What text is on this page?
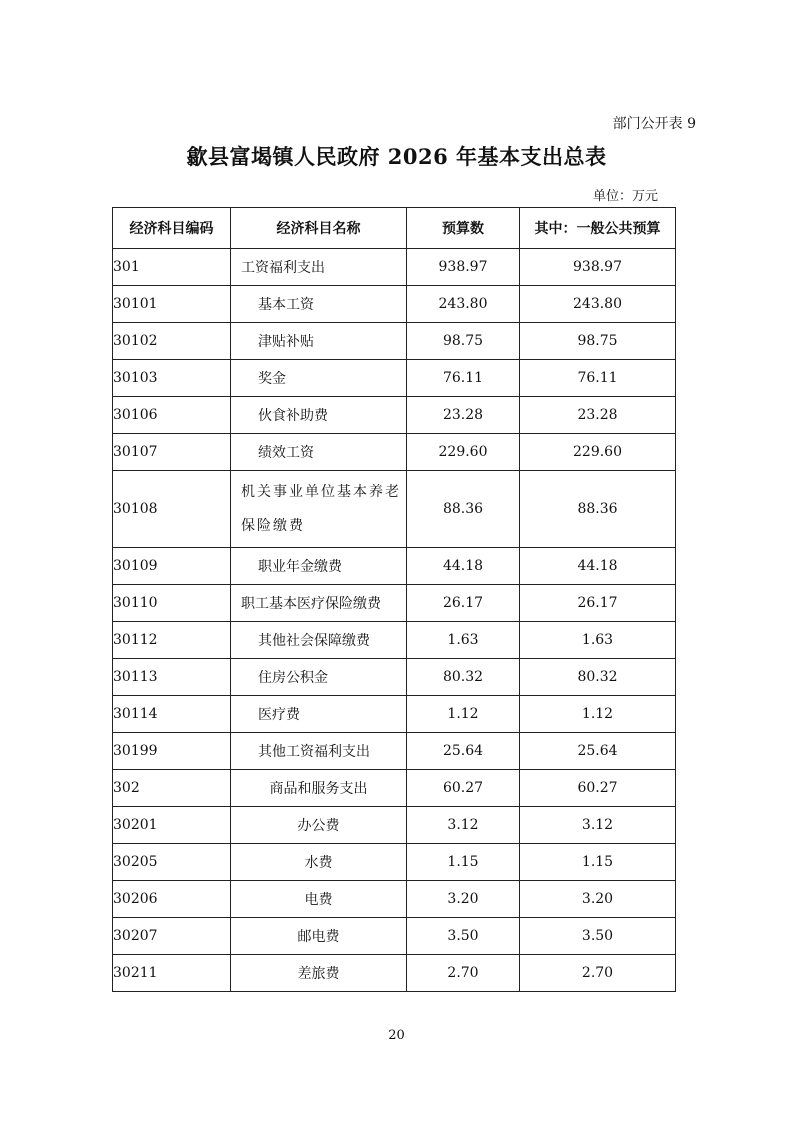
部门公开表 9
歙县富堨镇人民政府 2026 年基本支出总表
单位：万元
经济科目编码	经济科目名称	预算数	其中：一般公共预算
301	工资福利支出	938.97	938.97
30101	基本工资	243.80	243.80
30102	津贴补贴	98.75	98.75
30103	奖金	76.11	76.11
30106	伙食补助费	23.28	23.28
30107	绩效工资	229.60	229.60
30108	机关事业单位基本养老保险缴费	88.36	88.36
30109	职业年金缴费	44.18	44.18
30110	职工基本医疗保险缴费	26.17	26.17
30112	其他社会保障缴费	1.63	1.63
30113	住房公积金	80.32	80.32
30114	医疗费	1.12	1.12
30199	其他工资福利支出	25.64	25.64
302	商品和服务支出	60.27	60.27
30201	办公费	3.12	3.12
30205	水费	1.15	1.15
30206	电费	3.20	3.20
30207	邮电费	3.50	3.50
30211	差旅费	2.70	2.70
20
